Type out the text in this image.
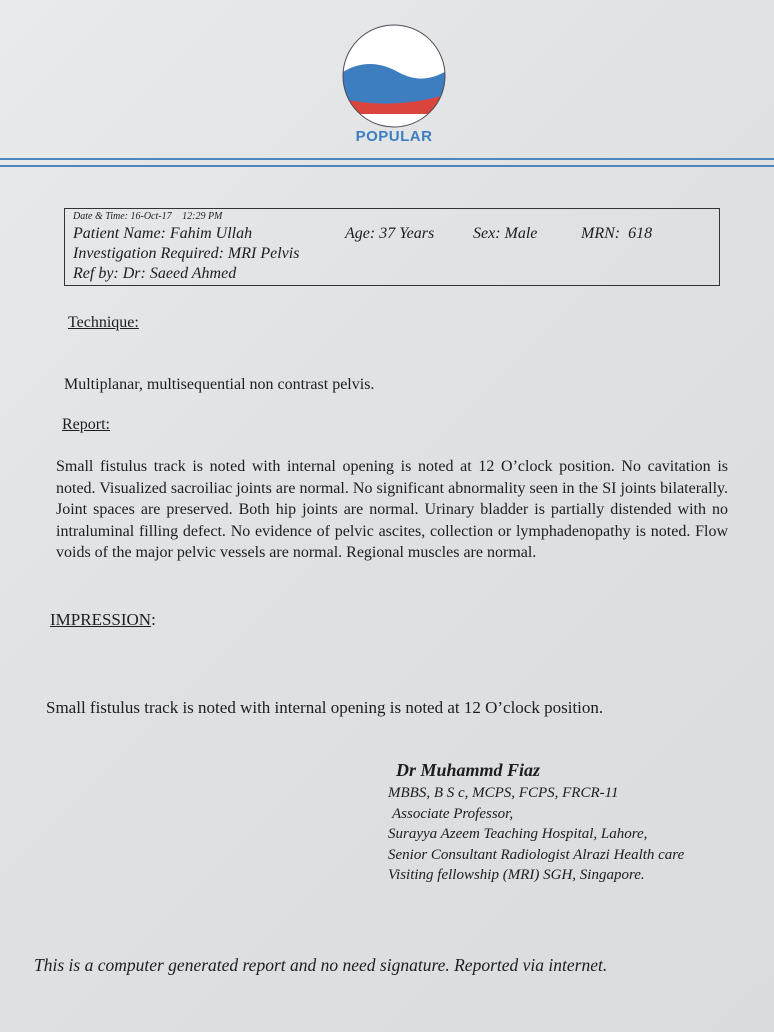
POPULAR
Date & Time: 16-Oct-17 12:29 PM
Patient Name: Fahim Ullah	Age: 37 Years Sex: Male	MRN: 618
Investigation Required: MRI Pelvis
Ref by: Dr: Saeed Ahmed
Technique:
Multiplanar, multisequential non contrast pelvis.
Report:
Small fistulus track is noted with internal opening is noted at 12 O’clock position. No cavitation is noted. Visualized sacroiliac joints are normal. No significant abnormality seen in the SI joints bilaterally. Joint spaces are preserved. Both hip joints are normal. Urinary bladder is partially distended with no intraluminal filling defect. No evidence of pelvic ascites, collection or lymphadenopathy is noted. Flow voids of the major pelvic vessels are normal. Regional muscles are normal.
IMPRESSION:
Small fistulus track is noted with internal opening is noted at 12 O’clock position.
Dr Muhammd Fiaz
MBBS, B S c, MCPS, FCPS, FRCR-11
Associate Professor,
Surayya Azeem Teaching Hospital, Lahore,
Senior Consultant Radiologist Alrazi Health care
Visiting fellowship (MRI) SGH, Singapore.
This is a computer generated report and no need signature. Reported via internet.
